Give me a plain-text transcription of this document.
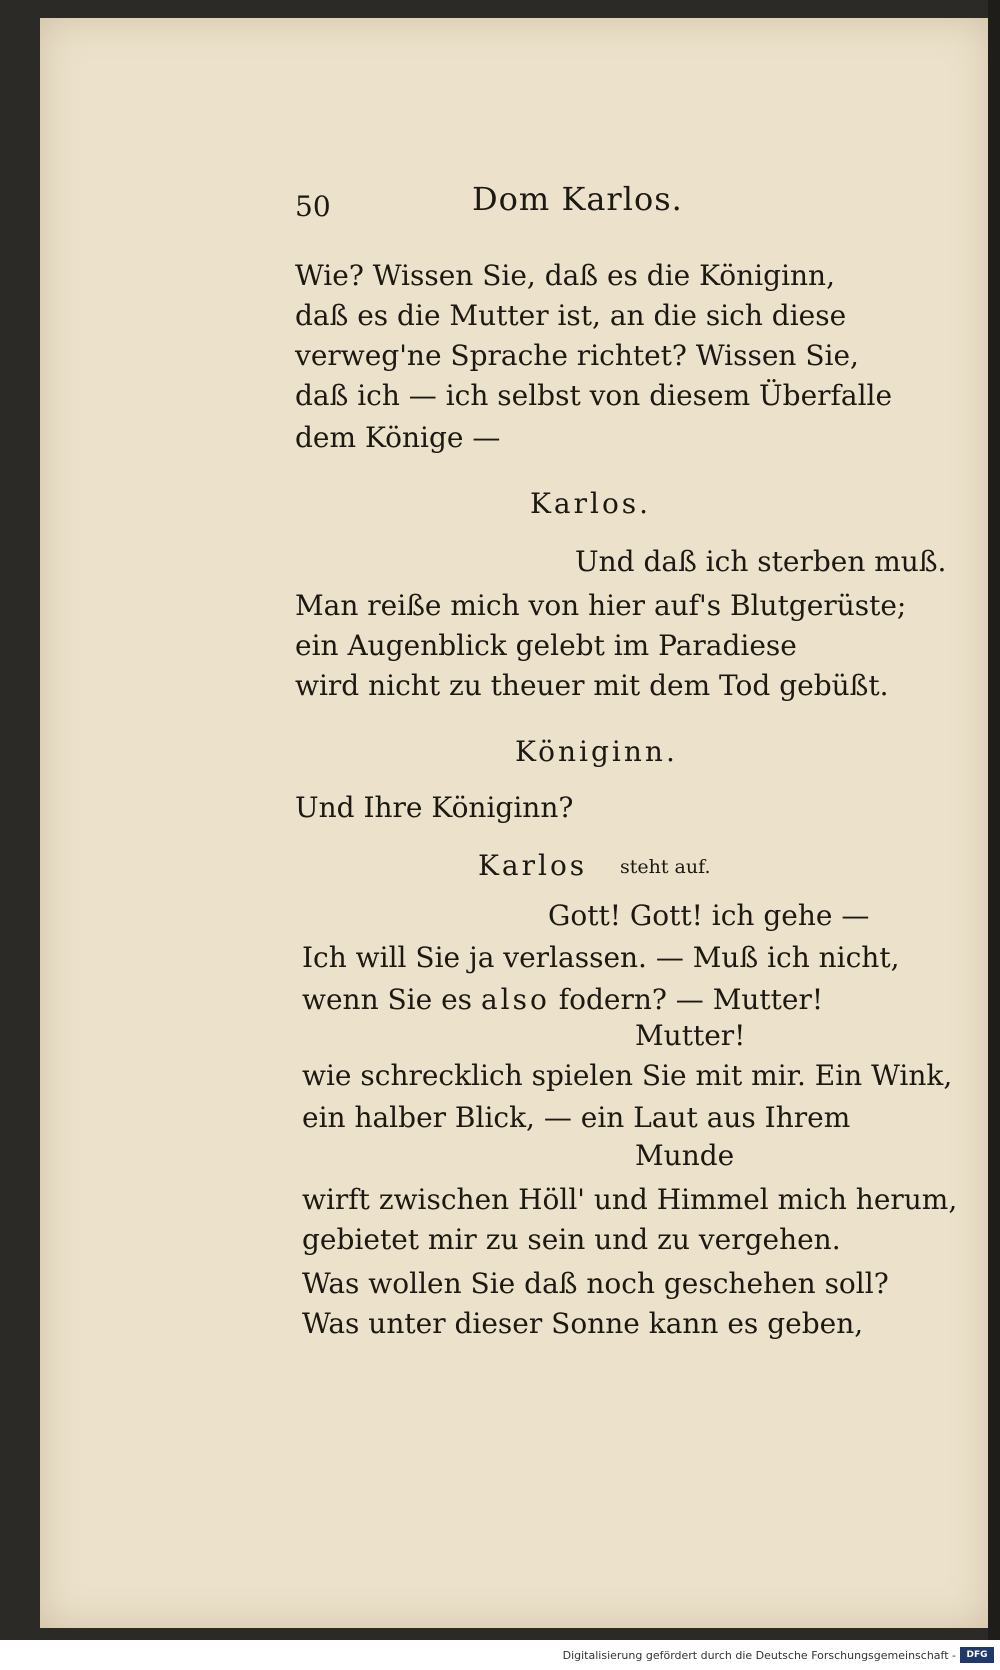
50	Dom Karlos.
Wie? Wissen Sie, daß es die Königinn,
daß es die Mutter ist, an die sich diese
verweg'ne Sprache richtet? Wissen Sie,
daß ich — ich selbst von diesem Überfalle
dem Könige —
Karlos.
Und daß ich sterben muß.
Man reiße mich von hier auf's Blutgerüste;
ein Augenblick gelebt im Paradiese
wird nicht zu theuer mit dem Tod gebüßt.
Königinn.
Und Ihre Königinn?
Karlos steht auf.
Gott! Gott! ich gehe —
Ich will Sie ja verlassen. — Muß ich nicht,
wenn Sie es also fodern? — Mutter!
Mutter!
wie schrecklich spielen Sie mit mir. Ein Wink,
ein halber Blick, — ein Laut aus Ihrem
Munde
wirft zwischen Höll' und Himmel mich herum,
gebietet mir zu sein und zu vergehen.
Was wollen Sie daß noch geschehen soll?
Was unter dieser Sonne kann es geben,
Digitalisierung gefördert durch die Deutsche Forschungsgemeinschaft -	DFG
